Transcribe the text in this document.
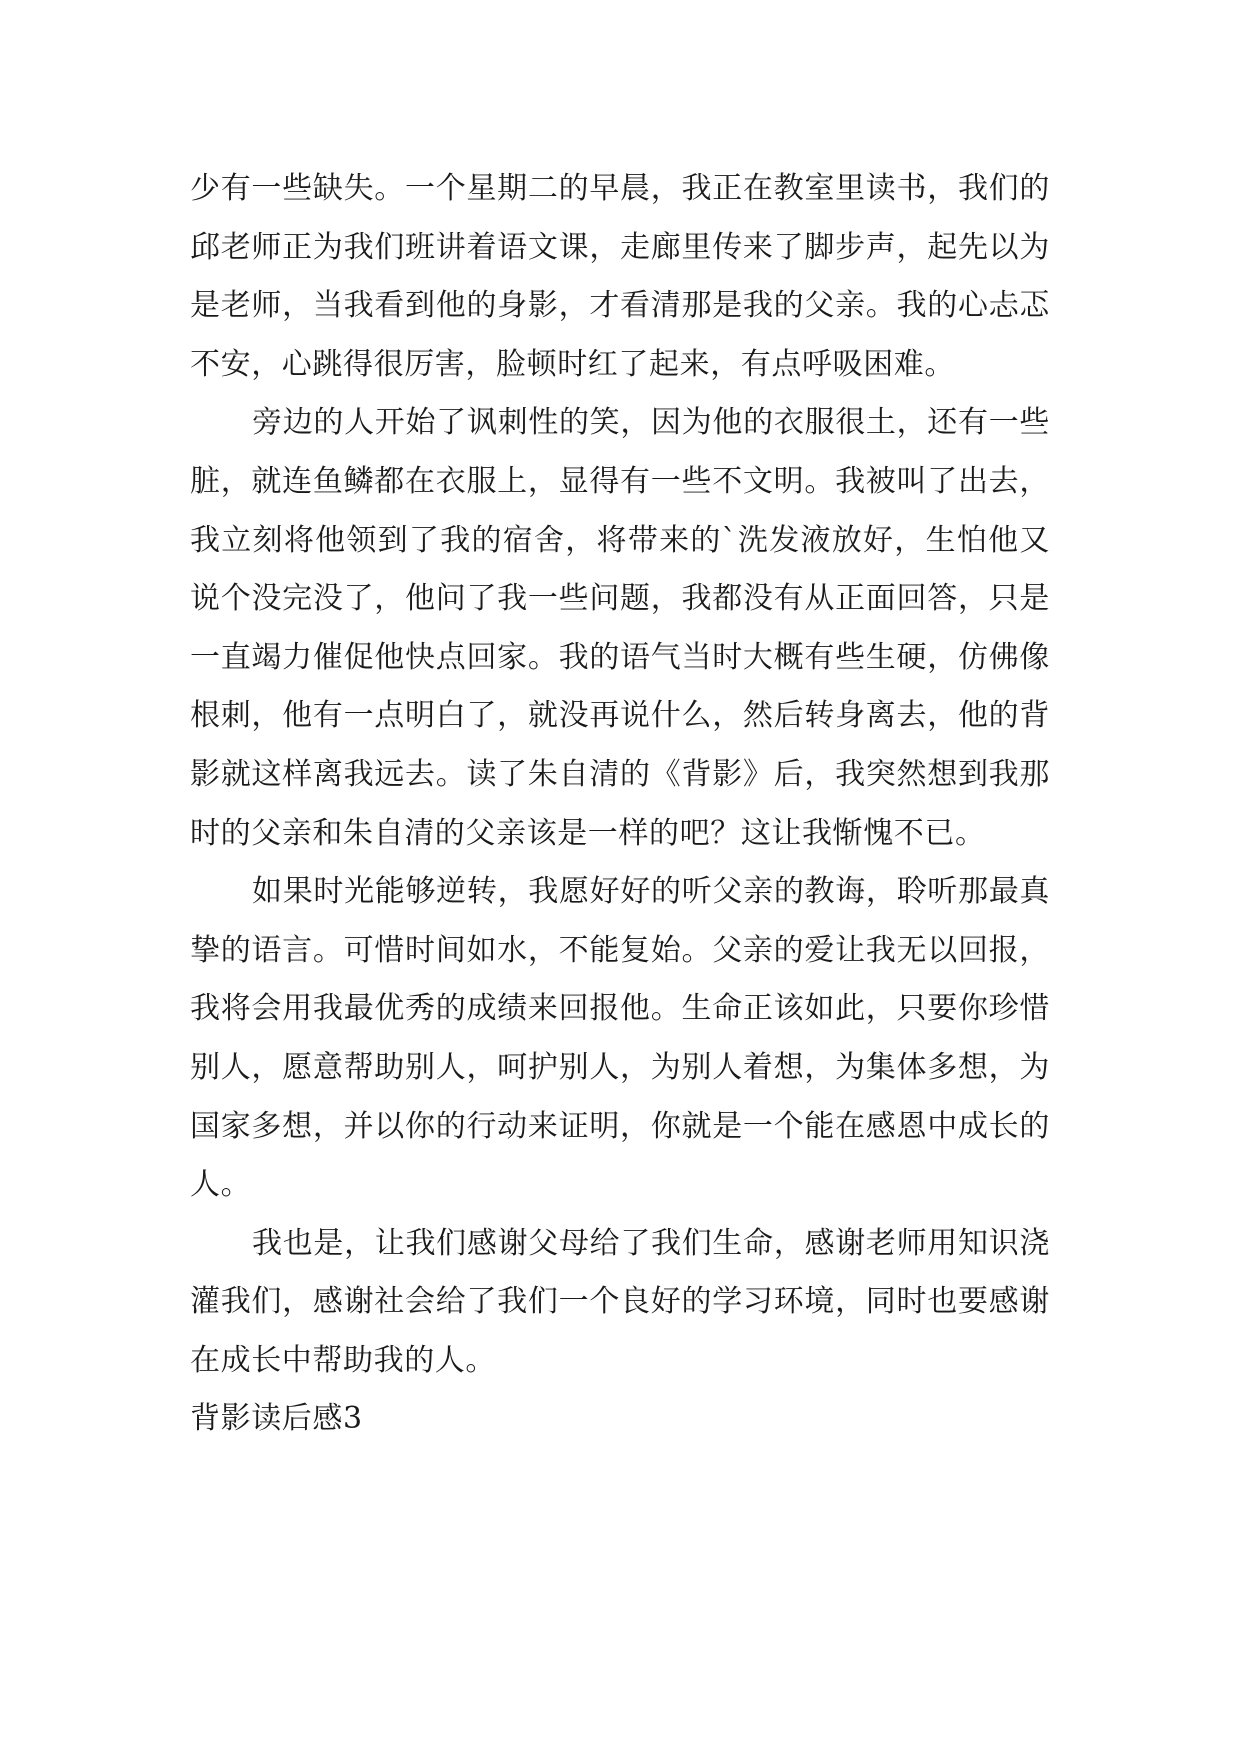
少有一些缺失。一个星期二的早晨，我正在教室里读书，我们的邱老师正为我们班讲着语文课，走廊里传来了脚步声，起先以为是老师，当我看到他的身影，才看清那是我的父亲。我的心忐忑不安，心跳得很厉害，脸顿时红了起来，有点呼吸困难。

旁边的人开始了讽刺性的笑，因为他的衣服很土，还有一些脏，就连鱼鳞都在衣服上，显得有一些不文明。我被叫了出去，我立刻将他领到了我的宿舍，将带来的`洗发液放好，生怕他又说个没完没了，他问了我一些问题，我都没有从正面回答，只是一直竭力催促他快点回家。我的语气当时大概有些生硬，仿佛像根刺，他有一点明白了，就没再说什么，然后转身离去，他的背影就这样离我远去。读了朱自清的《背影》后，我突然想到我那时的父亲和朱自清的父亲该是一样的吧？这让我惭愧不已。

如果时光能够逆转，我愿好好的听父亲的教诲，聆听那最真挚的语言。可惜时间如水，不能复始。父亲的爱让我无以回报，我将会用我最优秀的成绩来回报他。生命正该如此，只要你珍惜别人，愿意帮助别人，呵护别人，为别人着想，为集体多想，为国家多想，并以你的行动来证明，你就是一个能在感恩中成长的人。

我也是，让我们感谢父母给了我们生命，感谢老师用知识浇灌我们，感谢社会给了我们一个良好的学习环境，同时也要感谢在成长中帮助我的人。

背影读后感3
